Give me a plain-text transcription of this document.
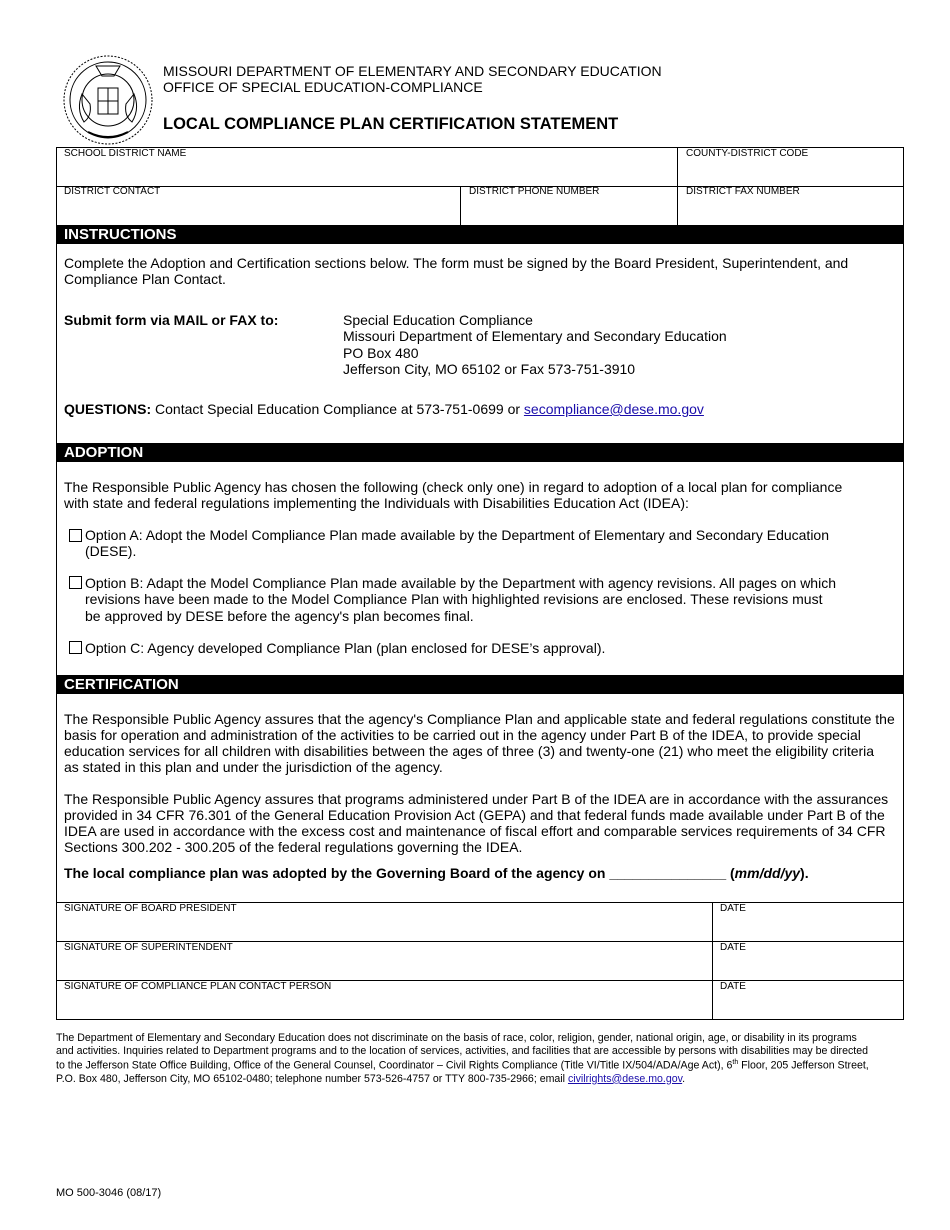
MISSOURI DEPARTMENT OF ELEMENTARY AND SECONDARY EDUCATION
OFFICE OF SPECIAL EDUCATION-COMPLIANCE
LOCAL COMPLIANCE PLAN CERTIFICATION STATEMENT
SCHOOL DISTRICT NAME	COUNTY-DISTRICT CODE
DISTRICT CONTACT	DISTRICT PHONE NUMBER	DISTRICT FAX NUMBER
INSTRUCTIONS
Complete the Adoption and Certification sections below. The form must be signed by the Board President, Superintendent, and
Compliance Plan Contact.
Submit form via MAIL or FAX to:	Special Education Compliance
Missouri Department of Elementary and Secondary Education
PO Box 480
Jefferson City, MO 65102 or Fax 573-751-3910
QUESTIONS: Contact Special Education Compliance at 573-751-0699 or secompliance@dese.mo.gov
ADOPTION
The Responsible Public Agency has chosen the following (check only one) in regard to adoption of a local plan for compliance
with state and federal regulations implementing the Individuals with Disabilities Education Act (IDEA):
Option A: Adopt the Model Compliance Plan made available by the Department of Elementary and Secondary Education
(DESE).
Option B: Adapt the Model Compliance Plan made available by the Department with agency revisions. All pages on which
revisions have been made to the Model Compliance Plan with highlighted revisions are enclosed. These revisions must
be approved by DESE before the agency's plan becomes final.
Option C: Agency developed Compliance Plan (plan enclosed for DESE’s approval).
CERTIFICATION
The Responsible Public Agency assures that the agency's Compliance Plan and applicable state and federal regulations constitute the
basis for operation and administration of the activities to be carried out in the agency under Part B of the IDEA, to provide special
education services for all children with disabilities between the ages of three (3) and twenty-one (21) who meet the eligibility criteria
as stated in this plan and under the jurisdiction of the agency.
The Responsible Public Agency assures that programs administered under Part B of the IDEA are in accordance with the assurances
provided in 34 CFR 76.301 of the General Education Provision Act (GEPA) and that federal funds made available under Part B of the
IDEA are used in accordance with the excess cost and maintenance of fiscal effort and comparable services requirements of 34 CFR
Sections 300.202 - 300.205 of the federal regulations governing the IDEA.
The local compliance plan was adopted by the Governing Board of the agency on _______________ (mm/dd/yy).
SIGNATURE OF BOARD PRESIDENT	DATE
SIGNATURE OF SUPERINTENDENT	DATE
SIGNATURE OF COMPLIANCE PLAN CONTACT PERSON	DATE
The Department of Elementary and Secondary Education does not discriminate on the basis of race, color, religion, gender, national origin, age, or disability in its programs
and activities. Inquiries related to Department programs and to the location of services, activities, and facilities that are accessible by persons with disabilities may be directed
to the Jefferson State Office Building, Office of the General Counsel, Coordinator – Civil Rights Compliance (Title VI/Title IX/504/ADA/Age Act), 6th Floor, 205 Jefferson Street,
P.O. Box 480, Jefferson City, MO 65102-0480; telephone number 573-526-4757 or TTY 800-735-2966; email civilrights@dese.mo.gov.
MO 500-3046 (08/17)
